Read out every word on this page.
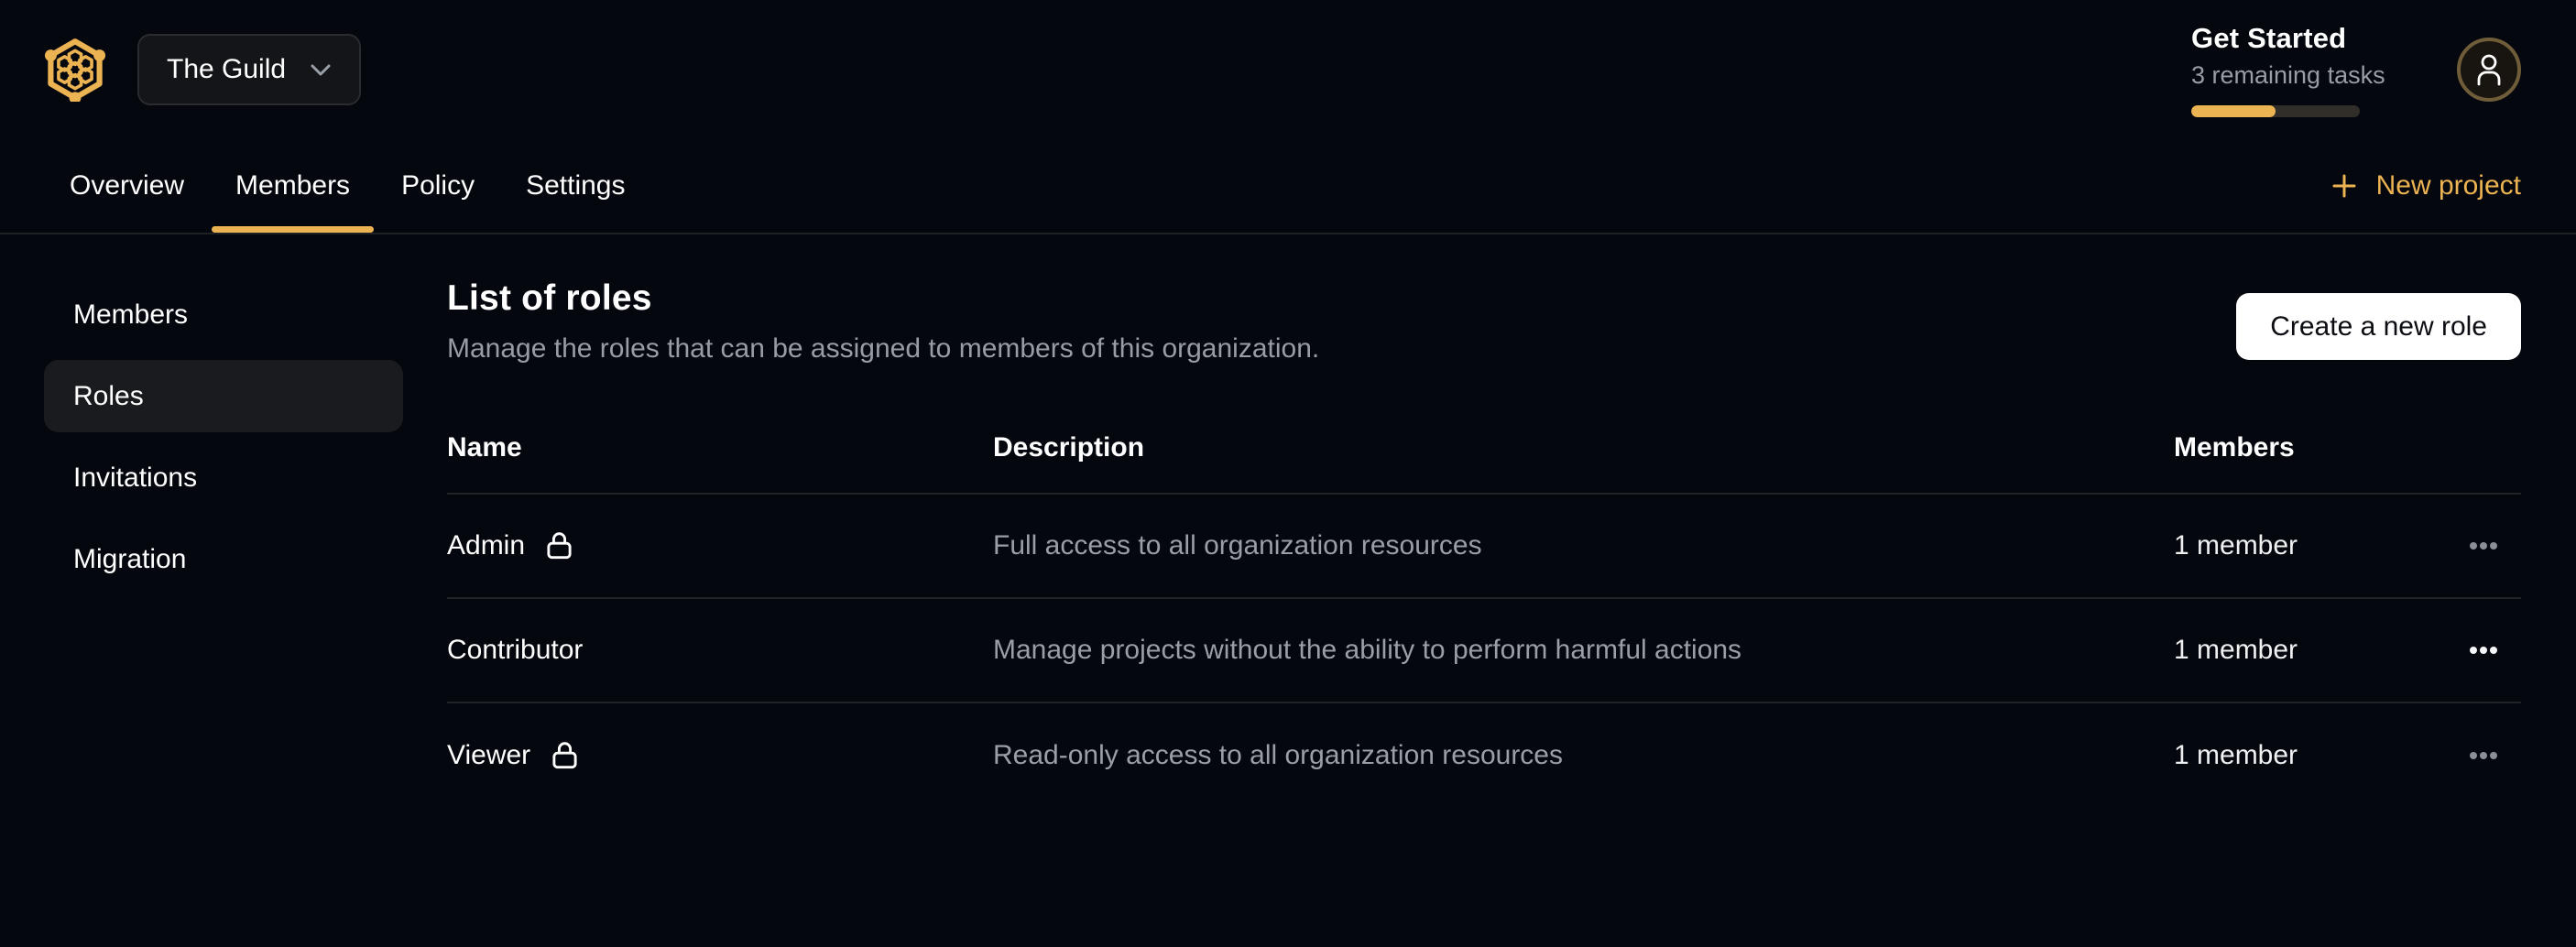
The Guild
Get Started
3 remaining tasks
Overview Members Policy Settings	New project
Members
Roles
Invitations
Migration
List of roles

Manage the roles that can be assigned to members of this organization.

Create a new role
Name	Description	Members
Admin	Full access to all organization resources	1 member
Contributor	Manage projects without the ability to perform harmful actions	1 member
Viewer	Read-only access to all organization resources	1 member
